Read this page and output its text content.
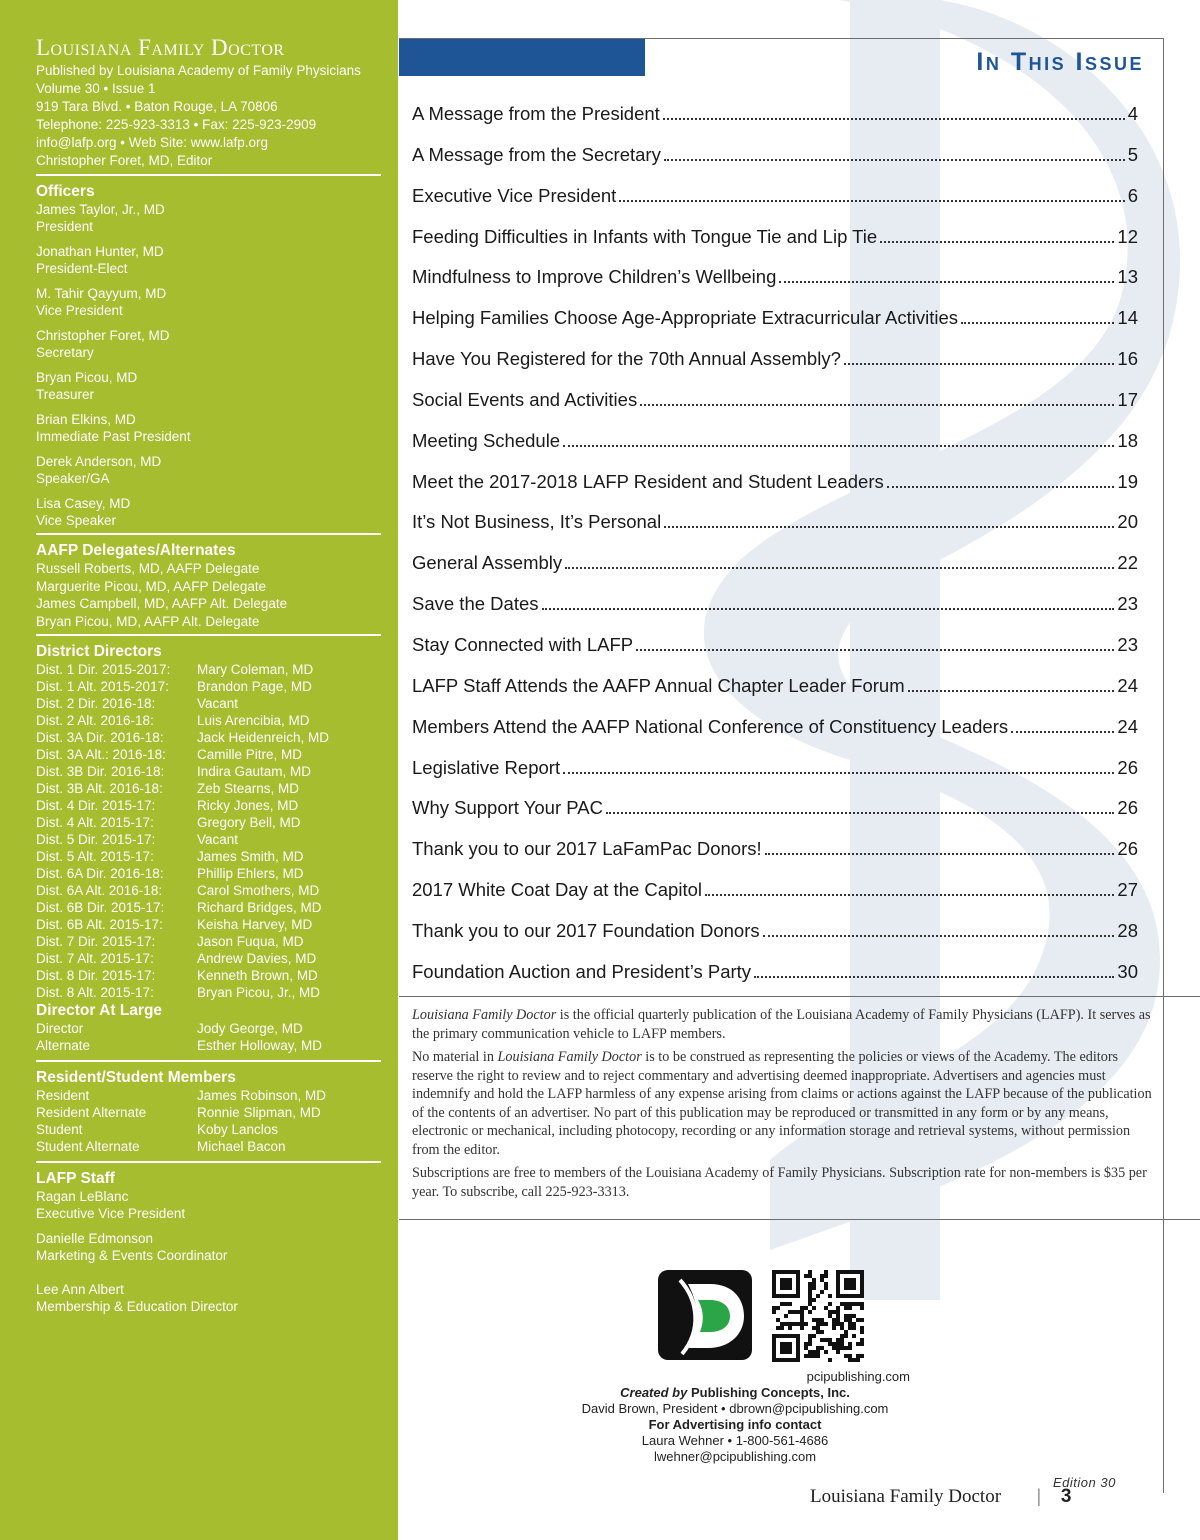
Louisiana Family Doctor
Published by Louisiana Academy of Family Physicians
Volume 30 • Issue 1
919 Tara Blvd. • Baton Rouge, LA 70806
Telephone: 225-923-3313 • Fax: 225-923-2909
info@lafp.org • Web Site: www.lafp.org
Christopher Foret, MD, Editor
Officers
James Taylor, Jr., MD
President
Jonathan Hunter, MD
President-Elect
M. Tahir Qayyum, MD
Vice President
Christopher Foret, MD
Secretary
Bryan Picou, MD
Treasurer
Brian Elkins, MD
Immediate Past President
Derek Anderson, MD
Speaker/GA
Lisa Casey, MD
Vice Speaker
AAFP Delegates/Alternates
Russell Roberts, MD, AAFP Delegate
Marguerite Picou, MD, AAFP Delegate
James Campbell, MD, AAFP Alt. Delegate
Bryan Picou, MD, AAFP Alt. Delegate
District Directors
Dist. 1 Dir. 2015-2017:	Mary Coleman, MD
Dist. 1 Alt. 2015-2017:	Brandon Page, MD
Dist. 2 Dir. 2016-18:	Vacant
Dist. 2 Alt. 2016-18:	Luis Arencibia, MD
Dist. 3A Dir. 2016-18:	Jack Heidenreich, MD
Dist. 3A Alt.: 2016-18:	Camille Pitre, MD
Dist. 3B Dir. 2016-18:	Indira Gautam, MD
Dist. 3B Alt. 2016-18:	Zeb Stearns, MD
Dist. 4 Dir. 2015-17:	Ricky Jones, MD
Dist. 4 Alt. 2015-17:	Gregory Bell, MD
Dist. 5 Dir. 2015-17:	Vacant
Dist. 5 Alt. 2015-17:	James Smith, MD
Dist. 6A Dir. 2016-18:	Phillip Ehlers, MD
Dist. 6A Alt. 2016-18:	Carol Smothers, MD
Dist. 6B Dir. 2015-17:	Richard Bridges, MD
Dist. 6B Alt. 2015-17:	Keisha Harvey, MD
Dist. 7 Dir. 2015-17:	Jason Fuqua, MD
Dist. 7 Alt. 2015-17:	Andrew Davies, MD
Dist. 8 Dir. 2015-17:	Kenneth Brown, MD
Dist. 8 Alt. 2015-17:	Bryan Picou, Jr., MD
Director At Large
Director	Jody George, MD
Alternate	Esther Holloway, MD
Resident/Student Members
Resident	James Robinson, MD
Resident Alternate	Ronnie Slipman, MD
Student	Koby Lanclos
Student Alternate	Michael Bacon
LAFP Staff
Ragan LeBlanc
Executive Vice President
Danielle Edmonson
Marketing & Events Coordinator
Lee Ann Albert
Membership & Education Director
In This Issue
A Message from the President	4
A Message from the Secretary	5
Executive Vice President	6
Feeding Difficulties in Infants with Tongue Tie and Lip Tie	12
Mindfulness to Improve Children’s Wellbeing	13
Helping Families Choose Age-Appropriate Extracurricular Activities	14
Have You Registered for the 70th Annual Assembly?	16
Social Events and Activities	17
Meeting Schedule	18
Meet the 2017-2018 LAFP Resident and Student Leaders	19
It’s Not Business, It’s Personal	20
General Assembly	22
Save the Dates	23
Stay Connected with LAFP	23
LAFP Staff Attends the AAFP Annual Chapter Leader Forum	24
Members Attend the AAFP National Conference of Constituency Leaders	24
Legislative Report	26
Why Support Your PAC	26
Thank you to our 2017 LaFamPac Donors!	26
2017 White Coat Day at the Capitol	27
Thank you to our 2017 Foundation Donors	28
Foundation Auction and President’s Party	30

Louisiana Family Doctor is the official quarterly publication of the Louisiana Academy of Family Physicians (LAFP). It serves as the primary communication vehicle to LAFP members.

No material in Louisiana Family Doctor is to be construed as representing the policies or views of the Academy. The editors reserve the right to review and to reject commentary and advertising deemed inappropriate. Advertisers and agencies must indemnify and hold the LAFP harmless of any expense arising from claims or actions against the LAFP because of the publication of the contents of an advertiser. No part of this publication may be reproduced or transmitted in any form or by any means, electronic or mechanical, including photocopy, recording or any information storage and retrieval systems, without permission from the editor.

Subscriptions are free to members of the Louisiana Academy of Family Physicians. Subscription rate for non-members is $35 per year. To subscribe, call 225-923-3313.

pcipublishing.com
Created by Publishing Concepts, Inc.
David Brown, President • dbrown@pcipublishing.com
For Advertising info contact
Laura Wehner • 1-800-561-4686
lwehner@pcipublishing.com
Edition 30
Louisiana Family Doctor | 3
